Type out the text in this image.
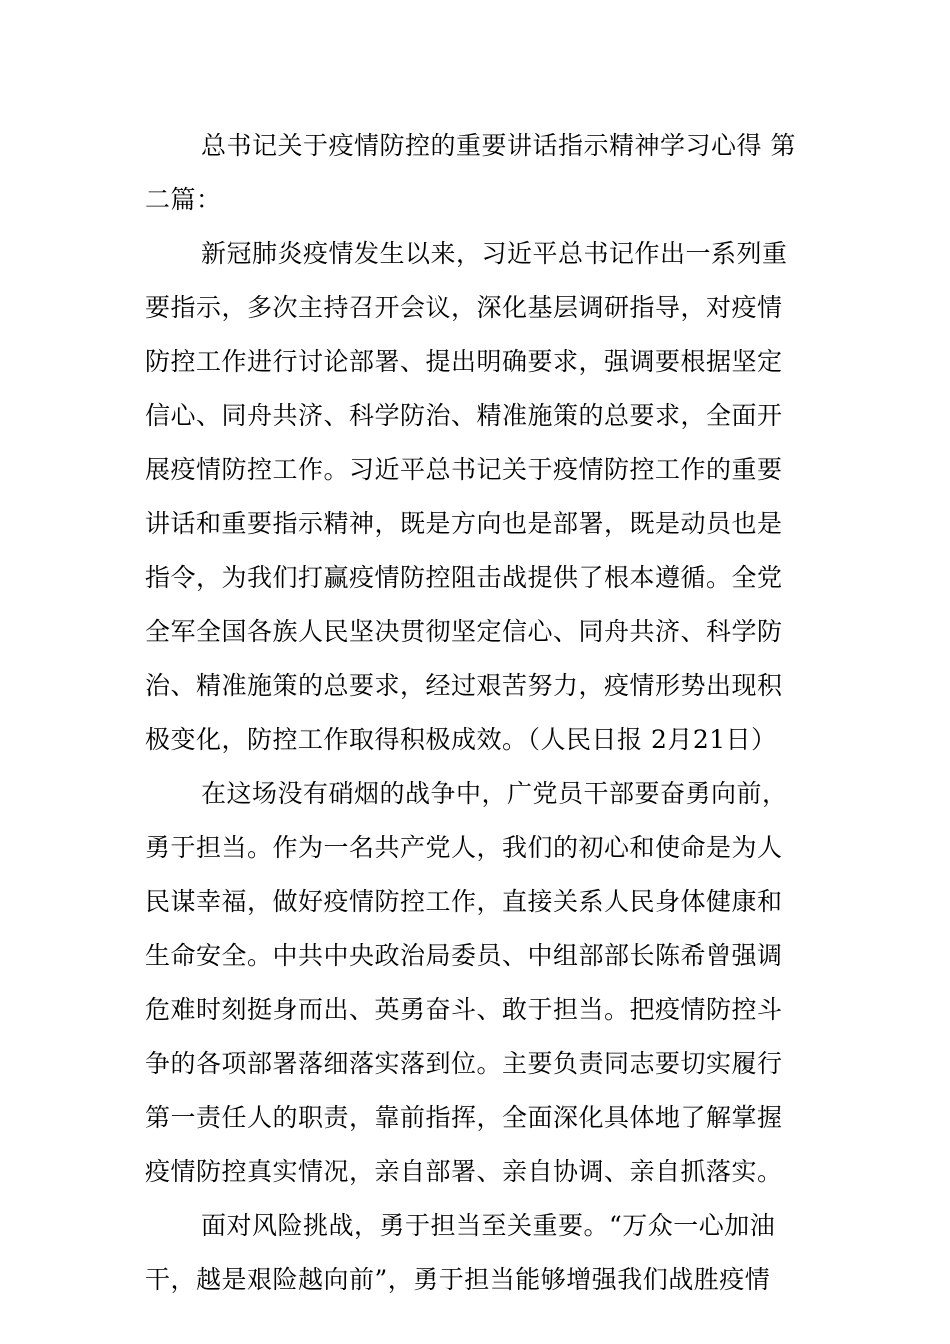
总书记关于疫情防控的重要讲话指示精神学习心得 第
二篇：
新冠肺炎疫情发生以来，习近平总书记作出一系列重
要指示，多次主持召开会议，深化基层调研指导，对疫情
防控工作进行讨论部署、提出明确要求，强调要根据坚定
信心、同舟共济、科学防治、精准施策的总要求，全面开
展疫情防控工作。习近平总书记关于疫情防控工作的重要
讲话和重要指示精神，既是方向也是部署，既是动员也是
指令，为我们打赢疫情防控阻击战提供了根本遵循。全党
全军全国各族人民坚决贯彻坚定信心、同舟共济、科学防
治、精准施策的总要求，经过艰苦努力，疫情形势出现积
极变化，防控工作取得积极成效。（人民日报 2月21日）
在这场没有硝烟的战争中，广党员干部要奋勇向前，
勇于担当。作为一名共产党人，我们的初心和使命是为人
民谋幸福，做好疫情防控工作，直接关系人民身体健康和
生命安全。中共中央政治局委员、中组部部长陈希曾强调
危难时刻挺身而出、英勇奋斗、敢于担当。把疫情防控斗
争的各项部署落细落实落到位。主要负责同志要切实履行
第一责任人的职责，靠前指挥，全面深化具体地了解掌握
疫情防控真实情况，亲自部署、亲自协调、亲自抓落实。
面对风险挑战，勇于担当至关重要。“万众一心加油
干，越是艰险越向前”，勇于担当能够增强我们战胜疫情
